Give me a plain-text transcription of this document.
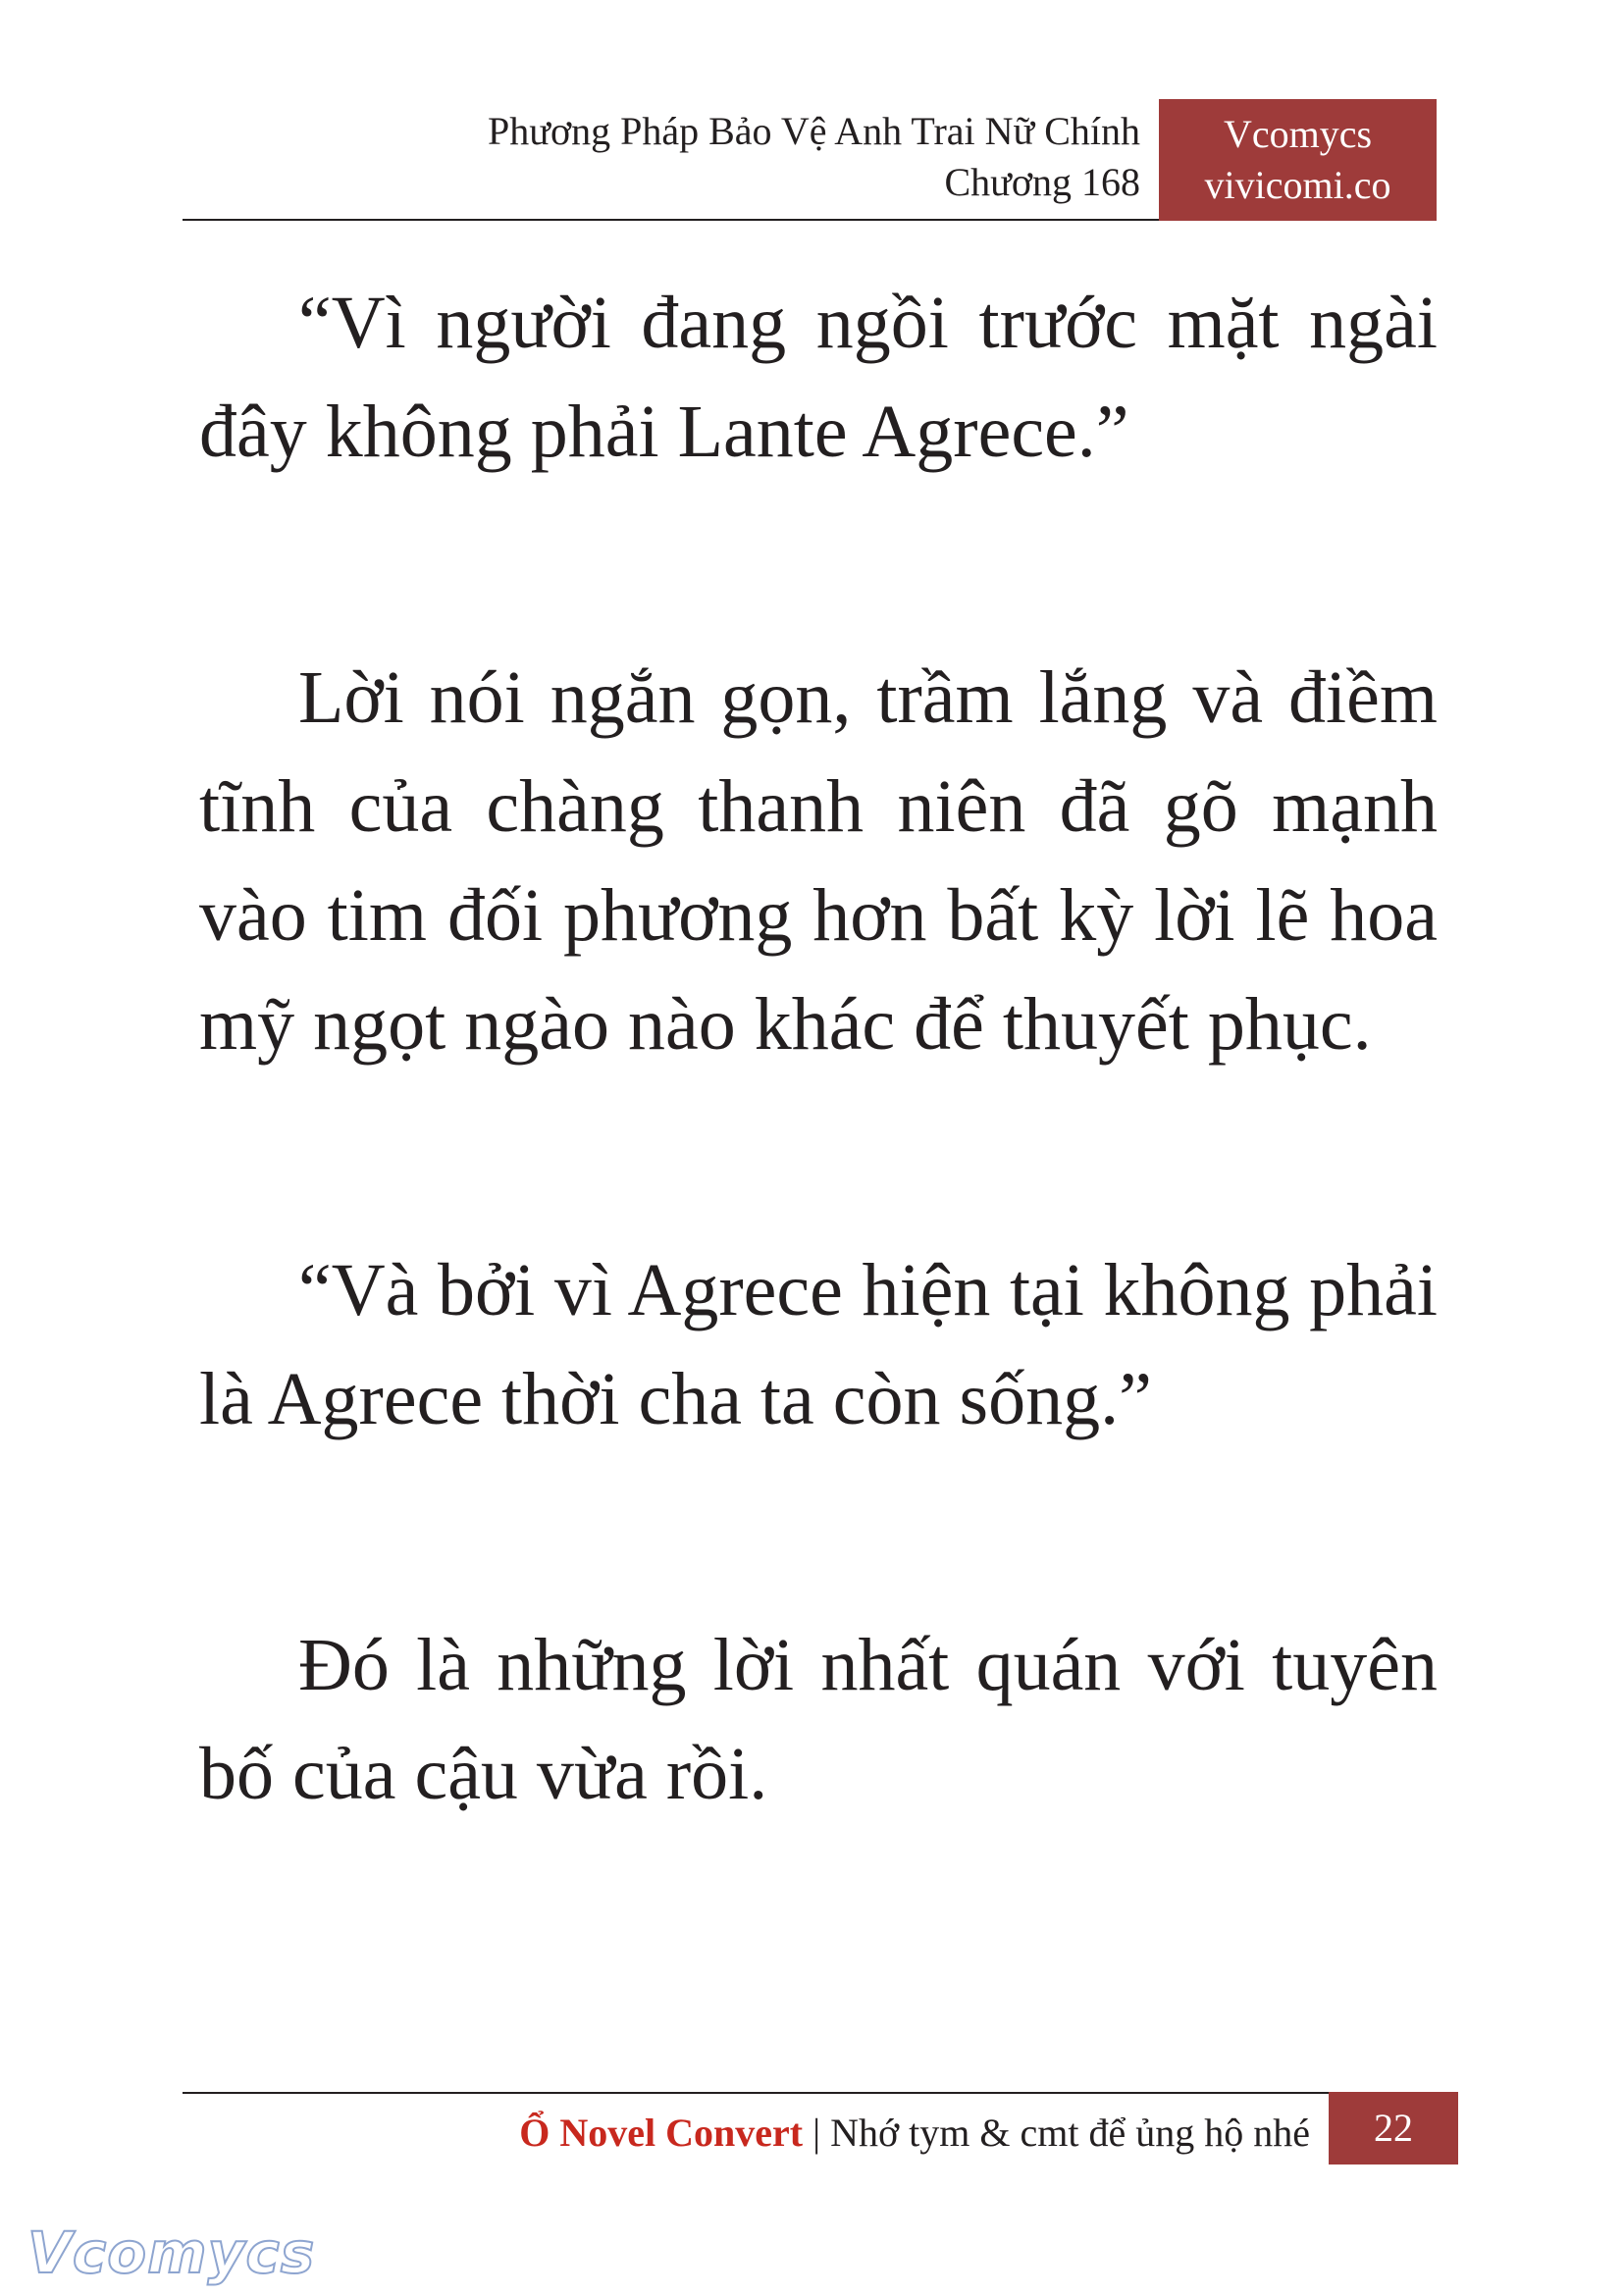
Phương Pháp Bảo Vệ Anh Trai Nữ Chính
Chương 168
Vcomycs
vivicomi.co

“Vì người đang ngồi trước mặt ngài đây không phải Lante Agrece.”

Lời nói ngắn gọn, trầm lắng và điềm tĩnh của chàng thanh niên đã gõ mạnh vào tim đối phương hơn bất kỳ lời lẽ hoa mỹ ngọt ngào nào khác để thuyết phục.

“Và bởi vì Agrece hiện tại không phải là Agrece thời cha ta còn sống.”

Đó là những lời nhất quán với tuyên bố của cậu vừa rồi.

Ổ Novel Convert | Nhớ tym & cmt để ủng hộ nhé	22
Vcomycs
